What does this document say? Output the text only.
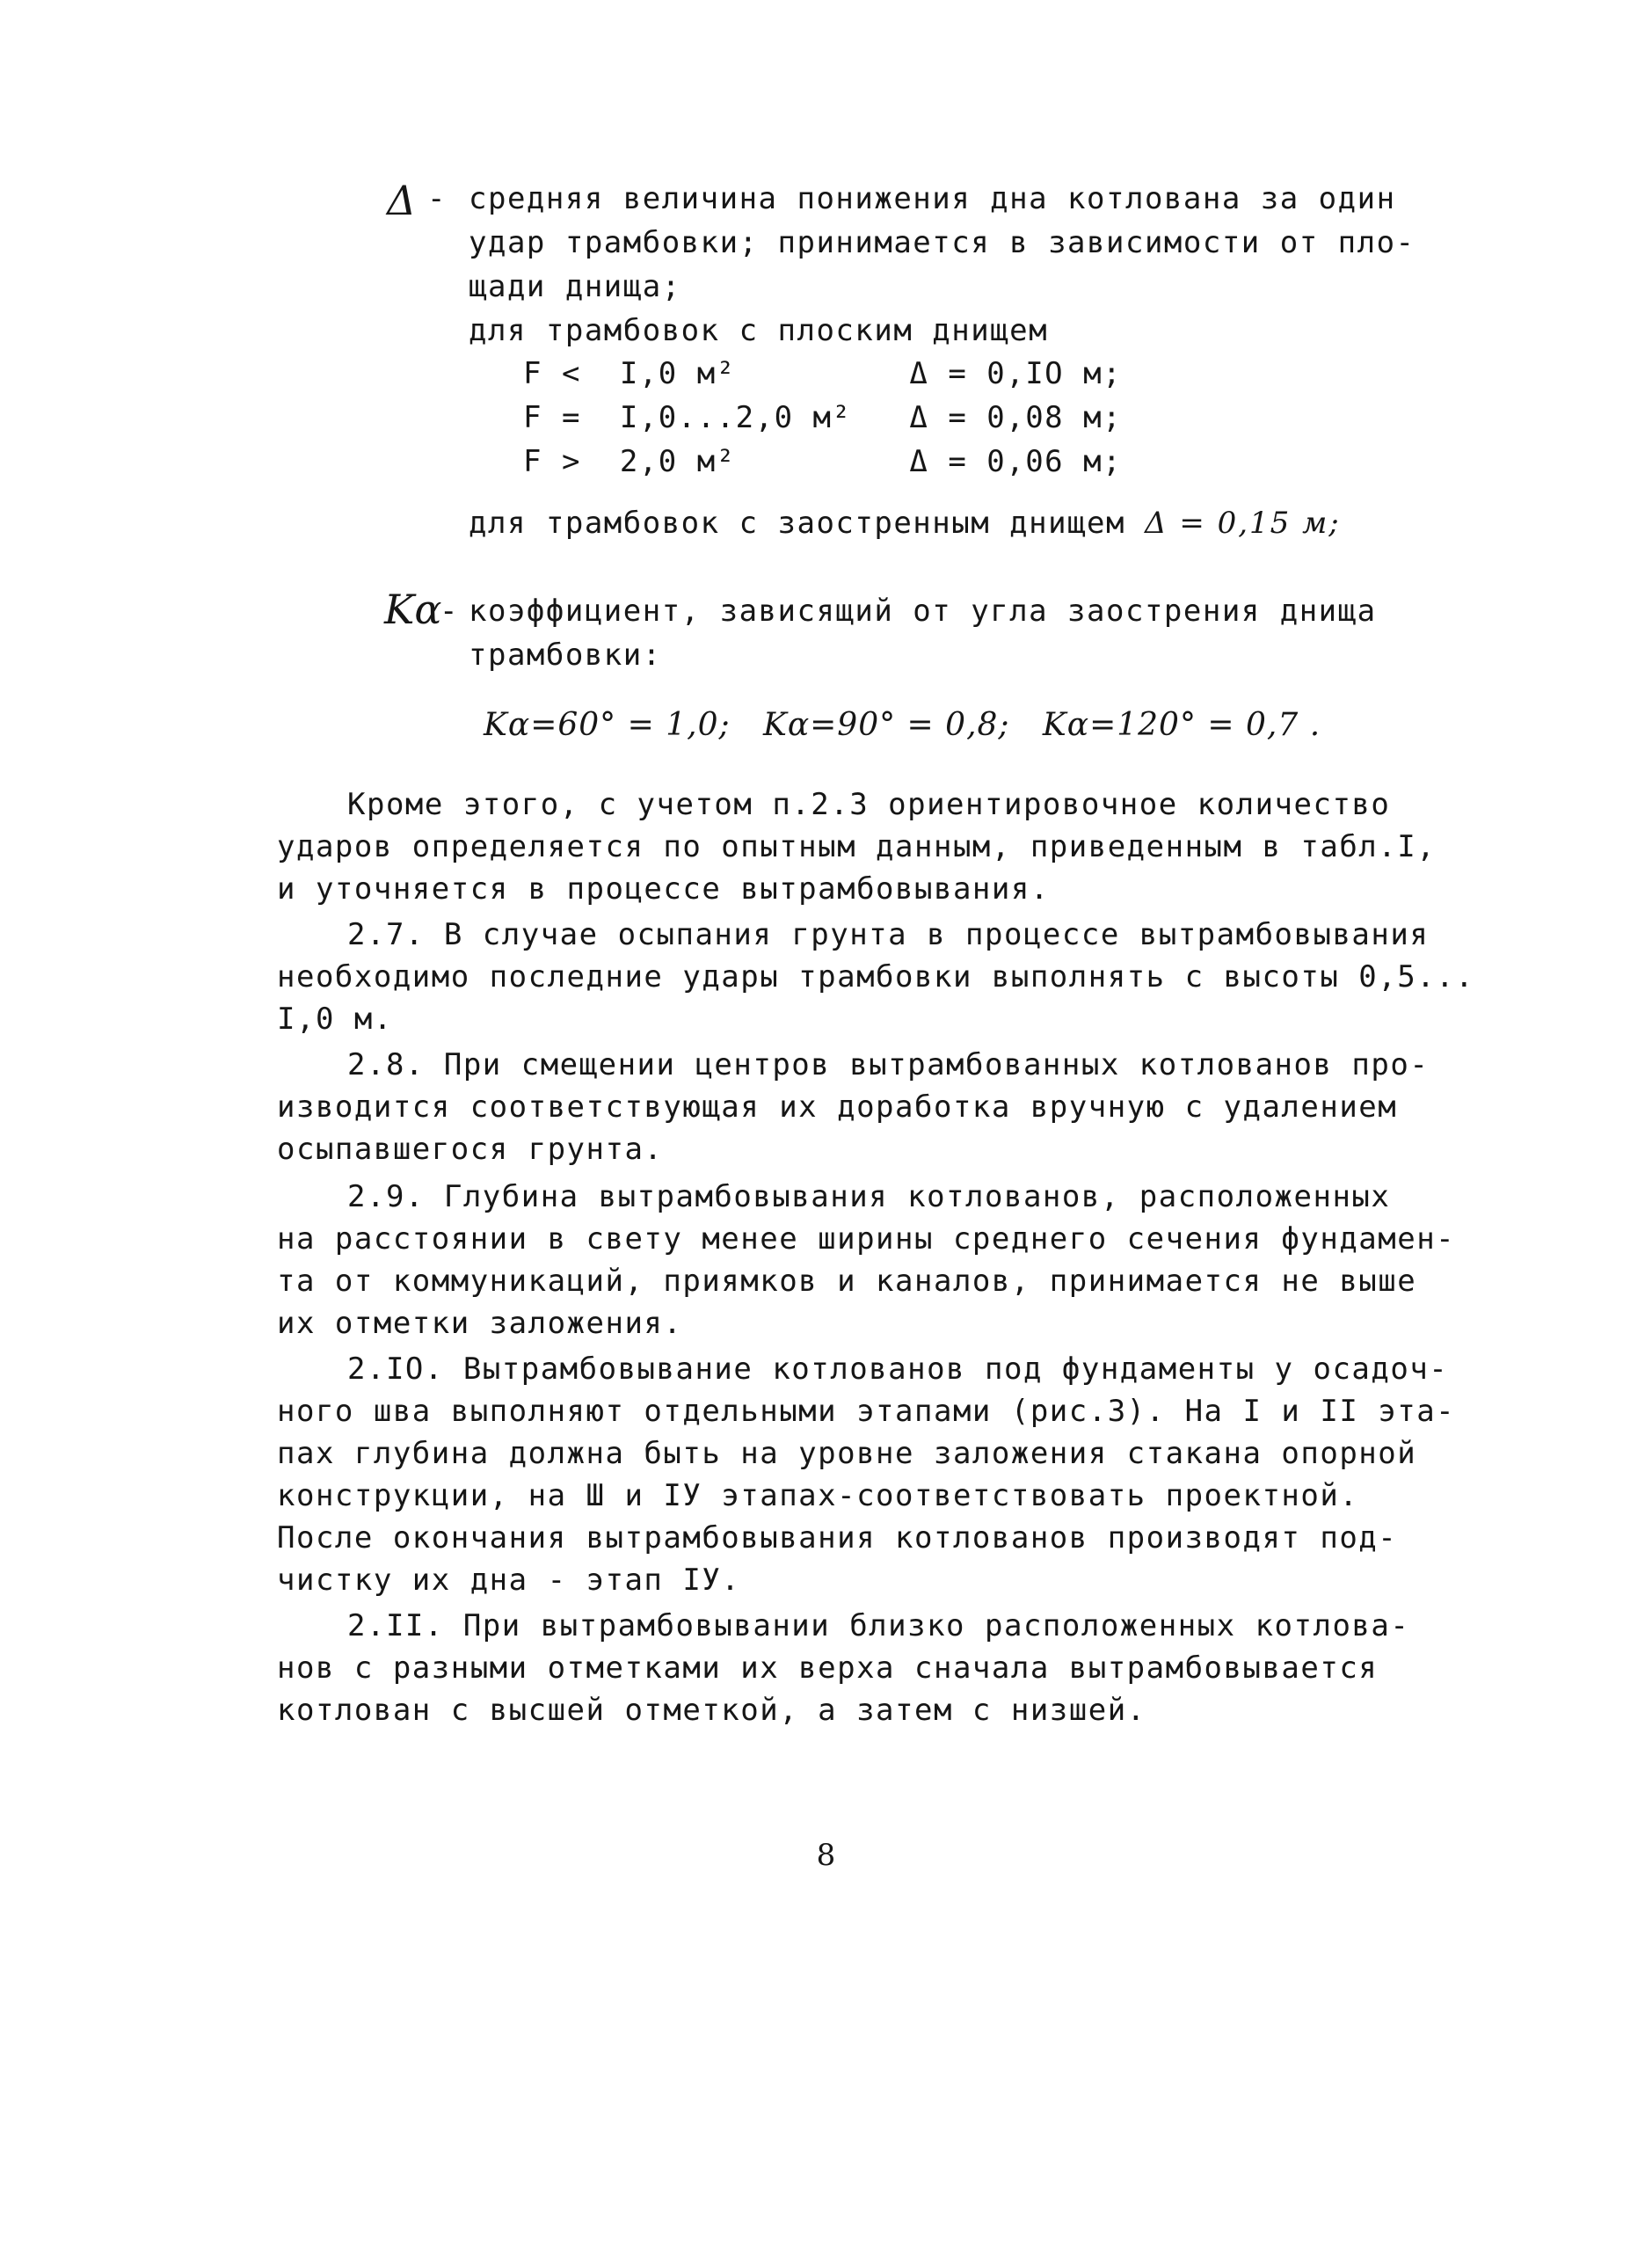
Δ - средняя величина понижения дна котлована за один
удар трамбовки; принимается в зависимости от пло-
щади днища;
для трамбовок с плоским днищем
F <  I,0 м²         Δ = 0,IO м;
F =  I,0...2,0 м²   Δ = 0,08 м;
F >  2,0 м²         Δ = 0,06 м;
для трамбовок с заостренным днищем Δ = 0,15 м;
Kα
- коэффициент, зависящий от угла заострения днища
трамбовки:
Kα=60° = 1,0;   Kα=90° = 0,8;   Kα=120° = 0,7 .
Кроме этого, с учетом п.2.3 ориентировочное количество
ударов определяется по опытным данным, приведенным в табл.I,
и уточняется в процессе вытрамбовывания.
2.7. В случае осыпания грунта в процессе вытрамбовывания
необходимо последние удары трамбовки выполнять с высоты 0,5...
I,0 м.
2.8. При смещении центров вытрамбованных котлованов про-
изводится соответствующая их доработка вручную с удалением
осыпавшегося грунта.
2.9. Глубина вытрамбовывания котлованов, расположенных
на расстоянии в свету менее ширины среднего сечения фундамен-
та от коммуникаций, приямков и каналов, принимается не выше
их отметки заложения.
2.IO. Вытрамбовывание котлованов под фундаменты у осадоч-
ного шва выполняют отдельными этапами (рис.3). На I и II эта-
пах глубина должна быть на уровне заложения стакана опорной
конструкции, на Ш и IУ этапах-соответствовать проектной.
После окончания вытрамбовывания котлованов производят под-
чистку их дна - этап IУ.
2.II. При вытрамбовывании близко расположенных котлова-
нов с разными отметками их верха сначала вытрамбовывается
котлован с высшей отметкой, а затем с низшей.
8
